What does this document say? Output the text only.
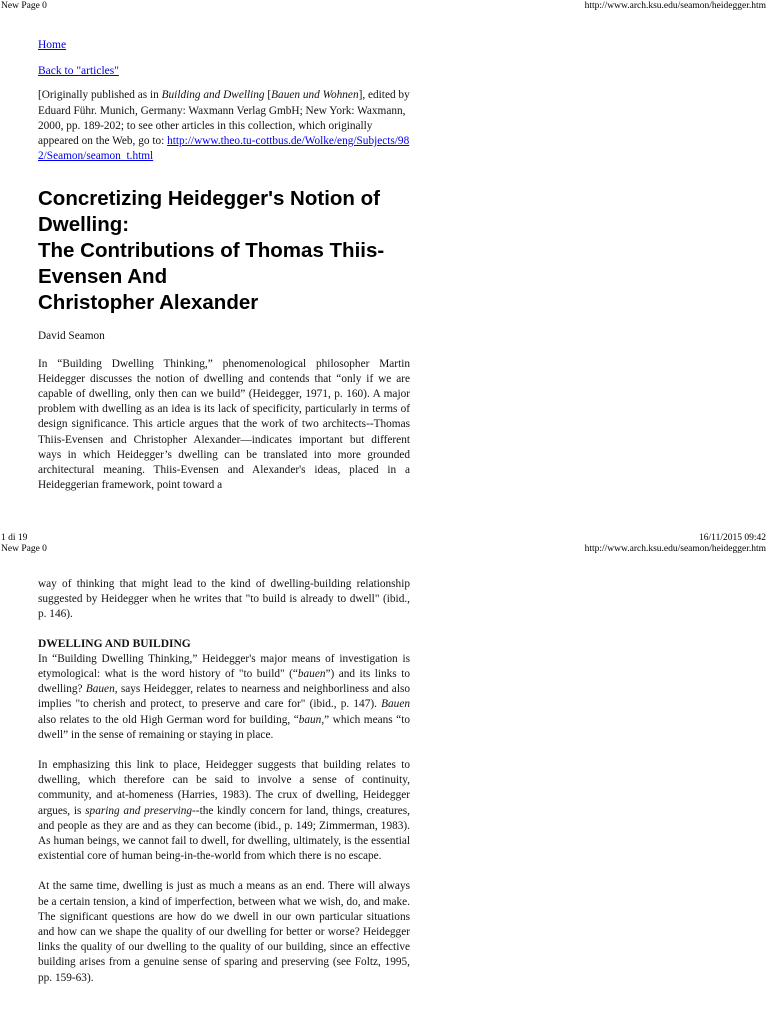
New Page 0	http://www.arch.ksu.edu/seamon/heidegger.htm
Home
Back to "articles"

[Originally published as in Building and Dwelling [Bauen und Wohnen], edited by Eduard Führ. Munich, Germany: Waxmann Verlag GmbH; New York: Waxmann, 2000, pp. 189-202; to see other articles in this collection, which originally appeared on the Web, go to: http://www.theo.tu-cottbus.de/Wolke/eng/Subjects/982/Seamon/seamon_t.html

Concretizing Heidegger's Notion of Dwelling:
The Contributions of Thomas Thiis-Evensen And
Christopher Alexander

David Seamon

In “Building Dwelling Thinking,” phenomenological philosopher Martin Heidegger discusses the notion of dwelling and contends that “only if we are capable of dwelling, only then can we build” (Heidegger, 1971, p. 160). A major problem with dwelling as an idea is its lack of specificity, particularly in terms of design significance. This article argues that the work of two architects--Thomas Thiis-Evensen and Christopher Alexander—indicates important but different ways in which Heidegger’s dwelling can be translated into more grounded architectural meaning. Thiis-Evensen and Alexander's ideas, placed in a Heideggerian framework, point toward a

1 di 19	16/11/2015 09:42
New Page 0	http://www.arch.ksu.edu/seamon/heidegger.htm

way of thinking that might lead to the kind of dwelling-building relationship suggested by Heidegger when he writes that "to build is already to dwell" (ibid., p. 146).

DWELLING AND BUILDING

In “Building Dwelling Thinking,” Heidegger's major means of investigation is etymological: what is the word history of "to build" (“bauen”) and its links to dwelling? Bauen, says Heidegger, relates to nearness and neighborliness and also implies "to cherish and protect, to preserve and care for" (ibid., p. 147). Bauen also relates to the old High German word for building, “baun,” which means “to dwell” in the sense of remaining or staying in place.

In emphasizing this link to place, Heidegger suggests that building relates to dwelling, which therefore can be said to involve a sense of continuity, community, and at-homeness (Harries, 1983). The crux of dwelling, Heidegger argues, is sparing and preserving--the kindly concern for land, things, creatures, and people as they are and as they can become (ibid., p. 149; Zimmerman, 1983). As human beings, we cannot fail to dwell, for dwelling, ultimately, is the essential existential core of human being-in-the-world from which there is no escape.

At the same time, dwelling is just as much a means as an end. There will always be a certain tension, a kind of imperfection, between what we wish, do, and make. The significant questions are how do we dwell in our own particular situations and how can we shape the quality of our dwelling for better or worse? Heidegger links the quality of our dwelling to the quality of our building, since an effective building arises from a genuine sense of sparing and preserving (see Foltz, 1995, pp. 159-63).
